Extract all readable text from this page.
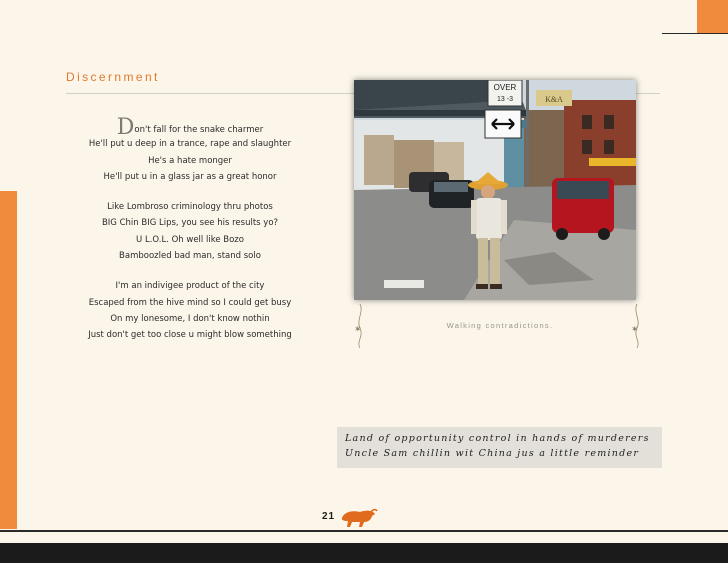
Discernment
Don't fall for the snake charmer
He'll put u deep in a trance, rape and slaughter
He's a hate monger
He'll put u in a glass jar as a great honor
Like Lombroso criminology thru photos
BIG Chin BIG Lips, you see his results yo?
U L.O.L. Oh well like Bozo
Bamboozled bad man, stand solo
I'm an indivigee product of the city
Escaped from the hive mind so I could get busy
On my lonesome, I don't know nothin
Just don't get too close u might blow something
OVER
13 -3	K&A
✶	✶
Walking contradictions.
Land of opportunity control in hands of murderers
Uncle Sam chillin wit China jus a little reminder
21
